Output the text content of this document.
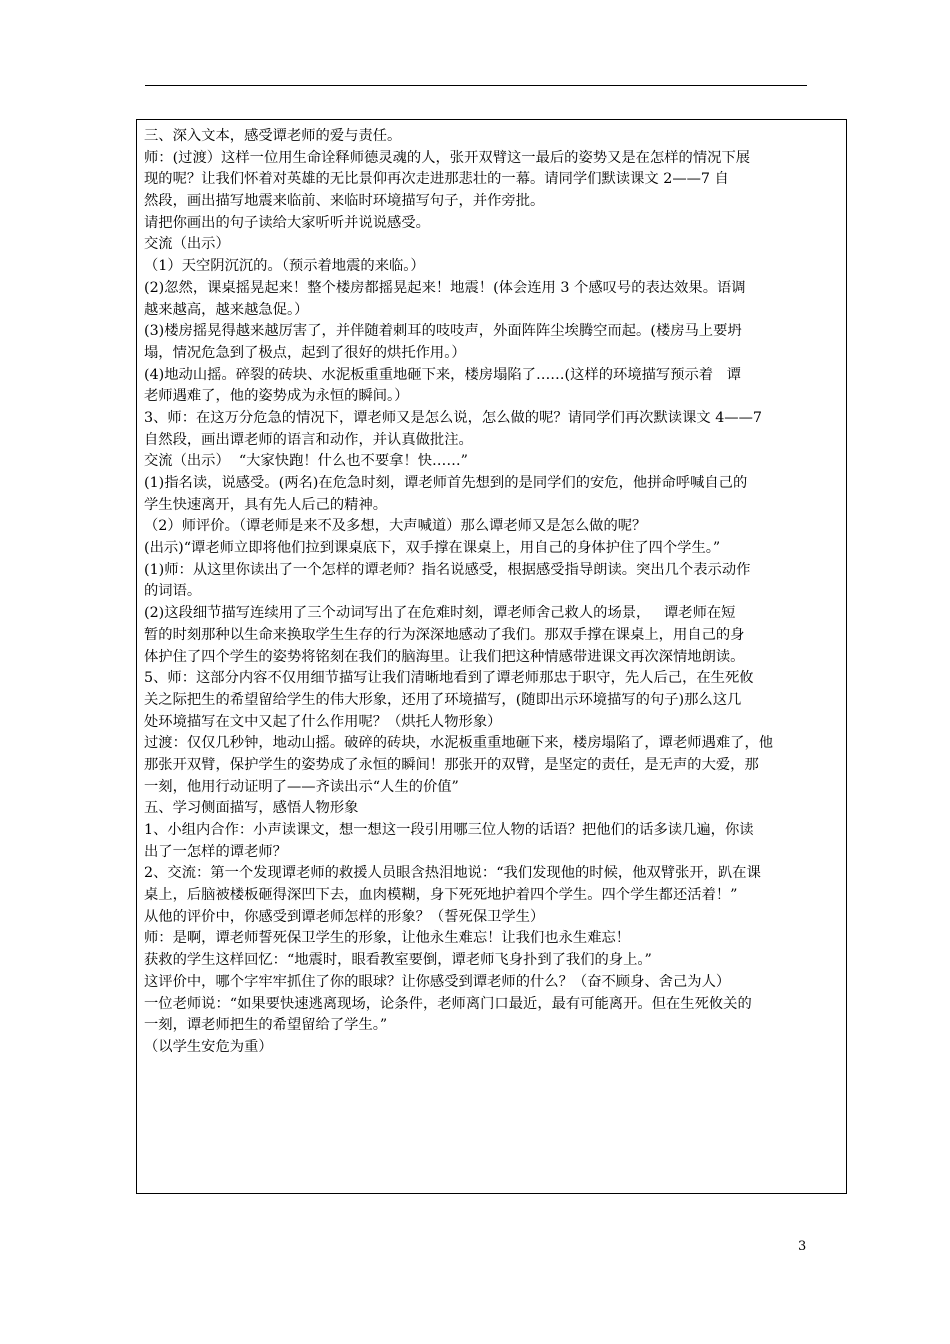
三、深入文本，感受谭老师的爱与责任。
师：(过渡）这样一位用生命诠释师德灵魂的人，张开双臂这一最后的姿势又是在怎样的情况下展
现的呢？让我们怀着对英雄的无比景仰再次走进那悲壮的一幕。请同学们默读课文 2——7 自
然段，画出描写地震来临前、来临时环境描写句子，并作旁批。
请把你画出的句子读给大家听听并说说感受。
交流（出示）
（1）天空阴沉沉的。（预示着地震的来临。）
(2)忽然，课桌摇晃起来！整个楼房都摇晃起来！地震！(体会连用 3 个感叹号的表达效果。语调
越来越高，越来越急促。）
(3)楼房摇晃得越来越厉害了，并伴随着刺耳的吱吱声，外面阵阵尘埃腾空而起。(楼房马上要坍
塌，情况危急到了极点，起到了很好的烘托作用。）
(4)地动山摇。碎裂的砖块、水泥板重重地砸下来，楼房塌陷了……(这样的环境描写预示着   谭
老师遇难了，他的姿势成为永恒的瞬间。）
3、师：在这万分危急的情况下，谭老师又是怎么说，怎么做的呢？请同学们再次默读课文 4——7
自然段，画出谭老师的语言和动作，并认真做批注。
交流（出示）  “大家快跑！什么也不要拿！快……”
(1)指名读，说感受。(两名)在危急时刻，谭老师首先想到的是同学们的安危，他拼命呼喊自己的
学生快速离开，具有先人后己的精神。
（2）师评价。（谭老师是来不及多想，大声喊道）那么谭老师又是怎么做的呢？
(出示)“谭老师立即将他们拉到课桌底下，双手撑在课桌上，用自己的身体护住了四个学生。”
(1)师：从这里你读出了一个怎样的谭老师？指名说感受，根据感受指导朗读。突出几个表示动作
的词语。
(2)这段细节描写连续用了三个动词写出了在危难时刻，谭老师舍己救人的场景，   谭老师在短
暂的时刻那种以生命来换取学生生存的行为深深地感动了我们。那双手撑在课桌上，用自己的身
体护住了四个学生的姿势将铭刻在我们的脑海里。让我们把这种情感带进课文再次深情地朗读。
5、师：这部分内容不仅用细节描写让我们清晰地看到了谭老师那忠于职守，先人后己，在生死攸
关之际把生的希望留给学生的伟大形象，还用了环境描写，(随即出示环境描写的句子)那么这几
处环境描写在文中又起了什么作用呢？（烘托人物形象）
过渡：仅仅几秒钟，地动山摇。破碎的砖块，水泥板重重地砸下来，楼房塌陷了，谭老师遇难了，他
那张开双臂，保护学生的姿势成了永恒的瞬间！那张开的双臂，是坚定的责任，是无声的大爱，那
一刻，他用行动证明了——齐读出示“人生的价值”
五、学习侧面描写，感悟人物形象
1、小组内合作：小声读课文，想一想这一段引用哪三位人物的话语？把他们的话多读几遍，你读
出了一怎样的谭老师？
2、交流：第一个发现谭老师的救援人员眼含热泪地说：“我们发现他的时候，他双臂张开，趴在课
桌上，后脑被楼板砸得深凹下去，血肉模糊，身下死死地护着四个学生。四个学生都还活着！”
从他的评价中，你感受到谭老师怎样的形象？（誓死保卫学生）
师：是啊，谭老师誓死保卫学生的形象，让他永生难忘！让我们也永生难忘！
获救的学生这样回忆：“地震时，眼看教室要倒，谭老师飞身扑到了我们的身上。”
这评价中，哪个字牢牢抓住了你的眼球？让你感受到谭老师的什么？（奋不顾身、舍己为人）
一位老师说：“如果要快速逃离现场，论条件，老师离门口最近，最有可能离开。但在生死攸关的
一刻，谭老师把生的希望留给了学生。”
（以学生安危为重）
3
